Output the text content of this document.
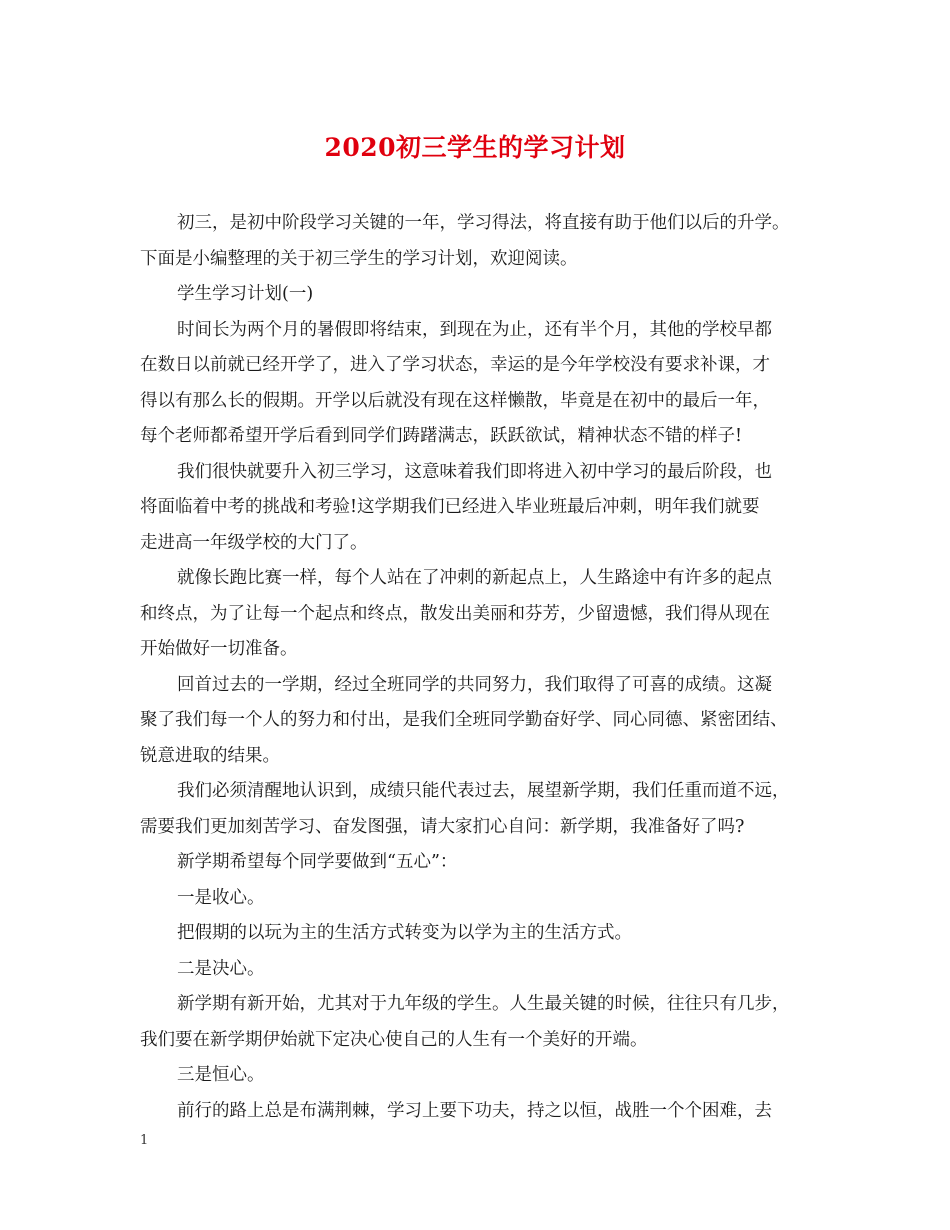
2020初三学生的学习计划
初三，是初中阶段学习关键的一年，学习得法，将直接有助于他们以后的升学。
下面是小编整理的关于初三学生的学习计划，欢迎阅读。
学生学习计划(一)
时间长为两个月的暑假即将结束，到现在为止，还有半个月，其他的学校早都
在数日以前就已经开学了，进入了学习状态，幸运的是今年学校没有要求补课，才
得以有那么长的假期。开学以后就没有现在这样懒散，毕竟是在初中的最后一年，
每个老师都希望开学后看到同学们踌躇满志，跃跃欲试，精神状态不错的样子!
我们很快就要升入初三学习，这意味着我们即将进入初中学习的最后阶段，也
将面临着中考的挑战和考验!这学期我们已经进入毕业班最后冲刺，明年我们就要
走进高一年级学校的大门了。
就像长跑比赛一样，每个人站在了冲刺的新起点上，人生路途中有许多的起点
和终点，为了让每一个起点和终点，散发出美丽和芬芳，少留遗憾，我们得从现在
开始做好一切准备。
回首过去的一学期，经过全班同学的共同努力，我们取得了可喜的成绩。这凝
聚了我们每一个人的努力和付出，是我们全班同学勤奋好学、同心同德、紧密团结、
锐意进取的结果。
我们必须清醒地认识到，成绩只能代表过去，展望新学期，我们任重而道不远，
需要我们更加刻苦学习、奋发图强，请大家扪心自问：新学期，我准备好了吗?
新学期希望每个同学要做到“五心”：
一是收心。
把假期的以玩为主的生活方式转变为以学为主的生活方式。
二是决心。
新学期有新开始，尤其对于九年级的学生。人生最关键的时候，往往只有几步，
我们要在新学期伊始就下定决心使自己的人生有一个美好的开端。
三是恒心。
前行的路上总是布满荆棘，学习上要下功夫，持之以恒，战胜一个个困难，去
1
